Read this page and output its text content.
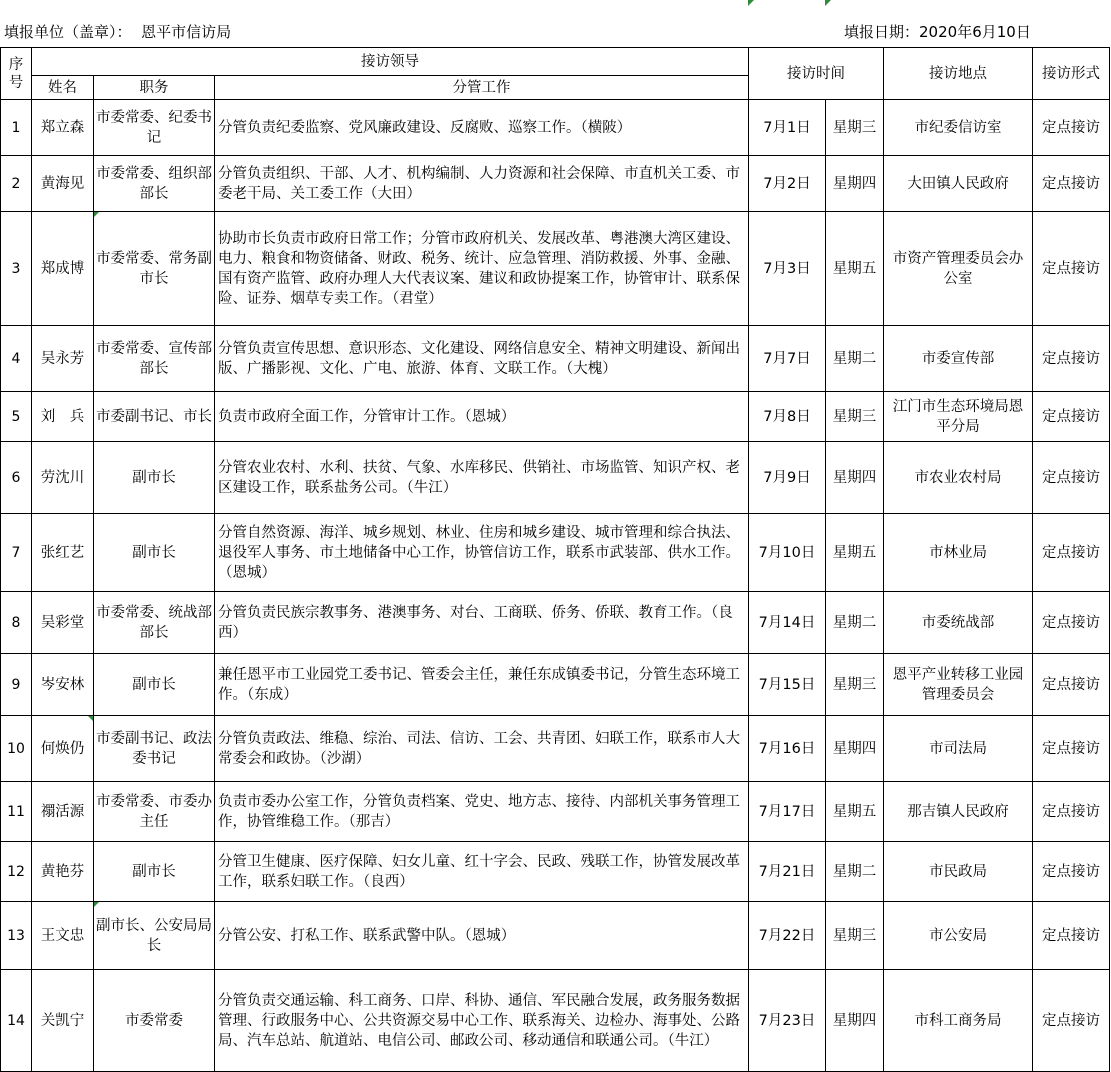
填报单位（盖章）： 恩平市信访局	填报日期：2020年6月10日
序号	接访领导			接访时间		接访地点	接访形式
	姓名	职务	分管工作				
1	郑立森	市委常委、纪委书记	分管负责纪委监察、党风廉政建设、反腐败、巡察工作。（横陂）	7月1日	星期三	市纪委信访室	定点接访
2	黄海见	市委常委、组织部部长	分管负责组织、干部、人才、机构编制、人力资源和社会保障、市直机关工委、市委老干局、关工委工作（大田）	7月2日	星期四	大田镇人民政府	定点接访
3	郑成博	市委常委、常务副市长	协助市长负责市政府日常工作；分管市政府机关、发展改革、粤港澳大湾区建设、电力、粮食和物资储备、财政、税务、统计、应急管理、消防救援、外事、金融、国有资产监管、政府办理人大代表议案、建议和政协提案工作，协管审计、联系保险、证券、烟草专卖工作。（君堂）	7月3日	星期五	市资产管理委员会办公室	定点接访
4	吴永芳	市委常委、宣传部部长	分管负责宣传思想、意识形态、文化建设、网络信息安全、精神文明建设、新闻出版、广播影视、文化、广电、旅游、体育、文联工作。（大槐）	7月7日	星期二	市委宣传部	定点接访
5	刘　兵	市委副书记、市长	负责市政府全面工作，分管审计工作。（恩城）	7月8日	星期三	江门市生态环境局恩平分局	定点接访
6	劳沈川	副市长	分管农业农村、水利、扶贫、气象、水库移民、供销社、市场监管、知识产权、老区建设工作，联系盐务公司。（牛江）	7月9日	星期四	市农业农村局	定点接访
7	张红艺	副市长	分管自然资源、海洋、城乡规划、林业、住房和城乡建设、城市管理和综合执法、退役军人事务、市土地储备中心工作，协管信访工作，联系市武装部、供水工作。（恩城）	7月10日	星期五	市林业局	定点接访
8	吴彩堂	市委常委、统战部部长	分管负责民族宗教事务、港澳事务、对台、工商联、侨务、侨联、教育工作。（良西）	7月14日	星期二	市委统战部	定点接访
9	岑安林	副市长	兼任恩平市工业园党工委书记、管委会主任，兼任东成镇委书记，分管生态环境工作。（东成）	7月15日	星期三	恩平产业转移工业园管理委员会	定点接访
10	何焕仍	市委副书记、政法委书记	分管负责政法、维稳、综治、司法、信访、工会、共青团、妇联工作，联系市人大常委会和政协。（沙湖）	7月16日	星期四	市司法局	定点接访
11	禤活源	市委常委、市委办主任	负责市委办公室工作，分管负责档案、党史、地方志、接待、内部机关事务管理工作，协管维稳工作。（那吉）	7月17日	星期五	那吉镇人民政府	定点接访
12	黄艳芬	副市长	分管卫生健康、医疗保障、妇女儿童、红十字会、民政、残联工作，协管发展改革工作，联系妇联工作。（良西）	7月21日	星期二	市民政局	定点接访
13	王文忠	副市长、公安局局长	分管公安、打私工作、联系武警中队。（恩城）	7月22日	星期三	市公安局	定点接访
14	关凯宁	市委常委	分管负责交通运输、科工商务、口岸、科协、通信、军民融合发展，政务服务数据管理、行政服务中心、公共资源交易中心工作、联系海关、边检办、海事处、公路局、汽车总站、航道站、电信公司、邮政公司、移动通信和联通公司。（牛江）	7月23日	星期四	市科工商务局	定点接访
